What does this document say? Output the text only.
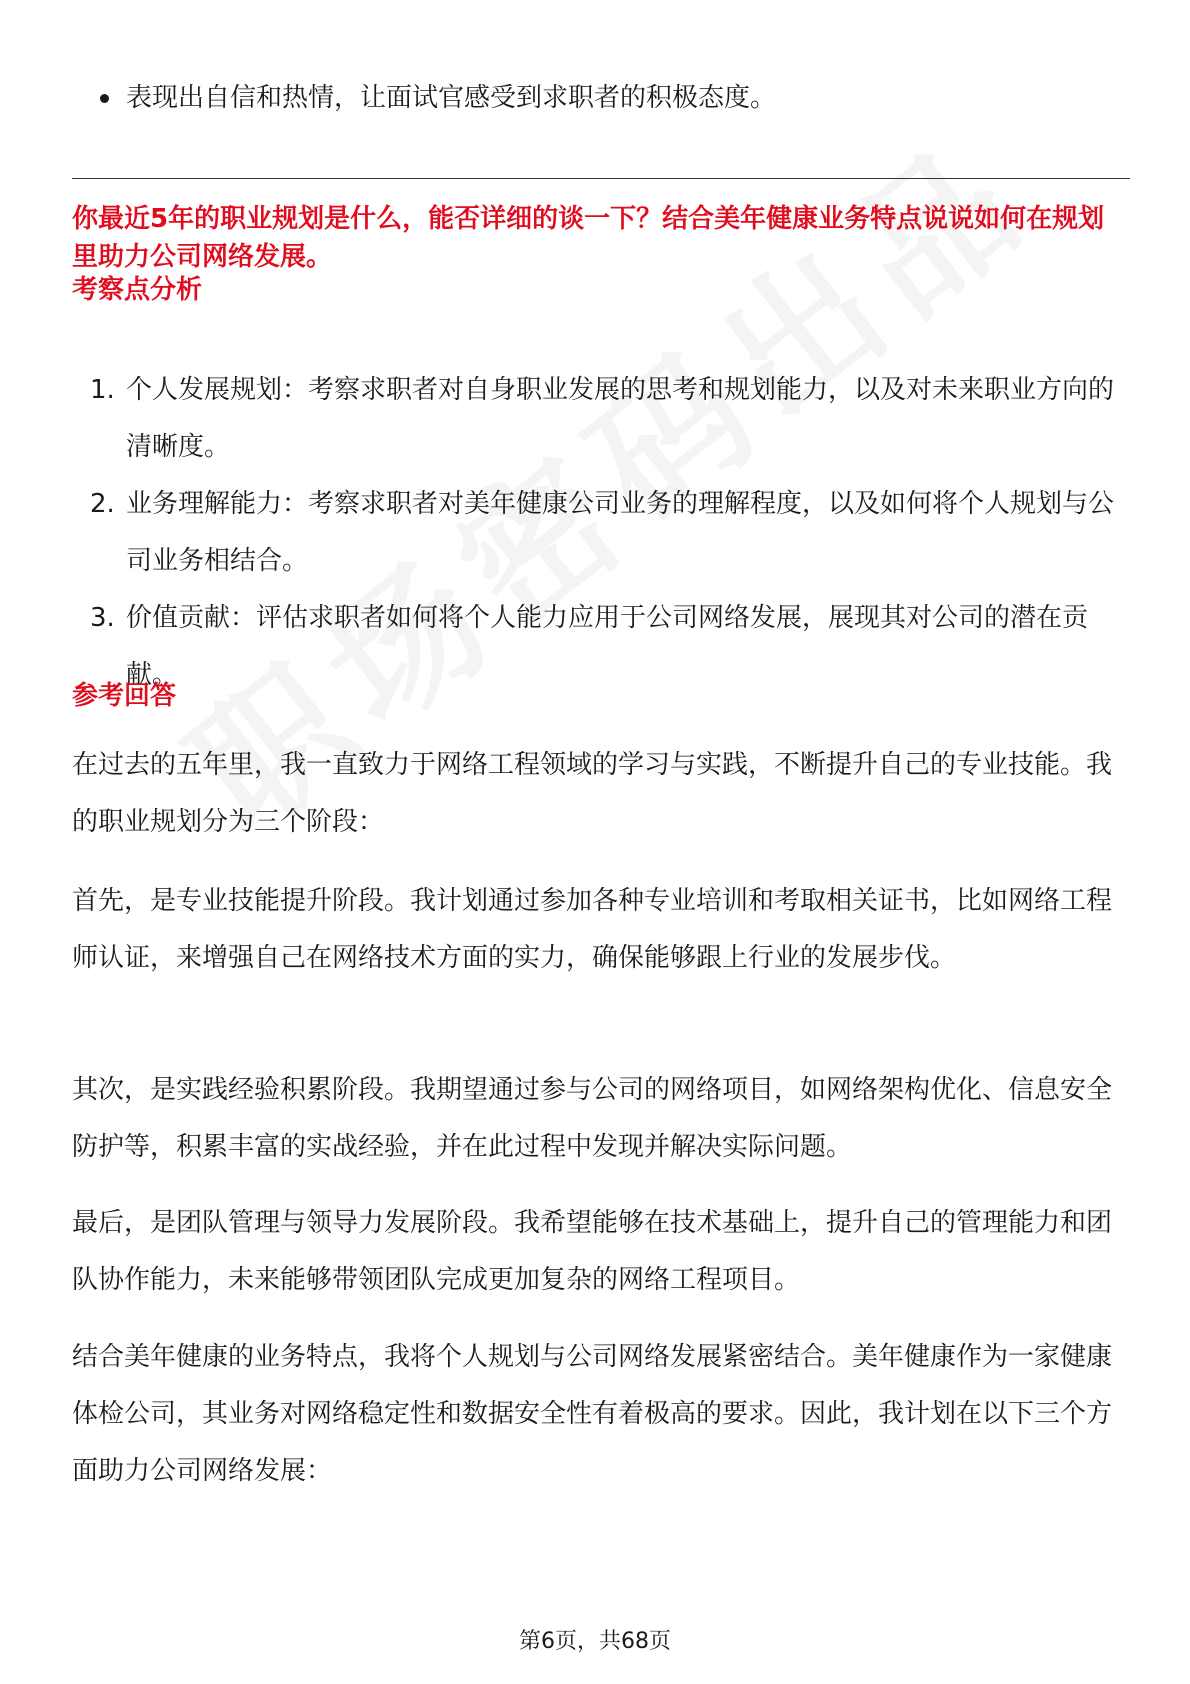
表现出自信和热情，让面试官感受到求职者的积极态度。
你最近5年的职业规划是什么，能否详细的谈一下？结合美年健康业务特点说说如何在规划里助力公司网络发展。
考察点分析
1. 个人发展规划：考察求职者对自身职业发展的思考和规划能力，以及对未来职业方向的清晰度。
2. 业务理解能力：考察求职者对美年健康公司业务的理解程度，以及如何将个人规划与公司业务相结合。
3. 价值贡献：评估求职者如何将个人能力应用于公司网络发展，展现其对公司的潜在贡献。
参考回答
在过去的五年里，我一直致力于网络工程领域的学习与实践，不断提升自己的专业技能。我的职业规划分为三个阶段：
首先，是专业技能提升阶段。我计划通过参加各种专业培训和考取相关证书，比如网络工程师认证，来增强自己在网络技术方面的实力，确保能够跟上行业的发展步伐。
其次，是实践经验积累阶段。我期望通过参与公司的网络项目，如网络架构优化、信息安全防护等，积累丰富的实战经验，并在此过程中发现并解决实际问题。
最后，是团队管理与领导力发展阶段。我希望能够在技术基础上，提升自己的管理能力和团队协作能力，未来能够带领团队完成更加复杂的网络工程项目。
结合美年健康的业务特点，我将个人规划与公司网络发展紧密结合。美年健康作为一家健康体检公司，其业务对网络稳定性和数据安全性有着极高的要求。因此，我计划在以下三个方面助力公司网络发展：
第6页，共68页
